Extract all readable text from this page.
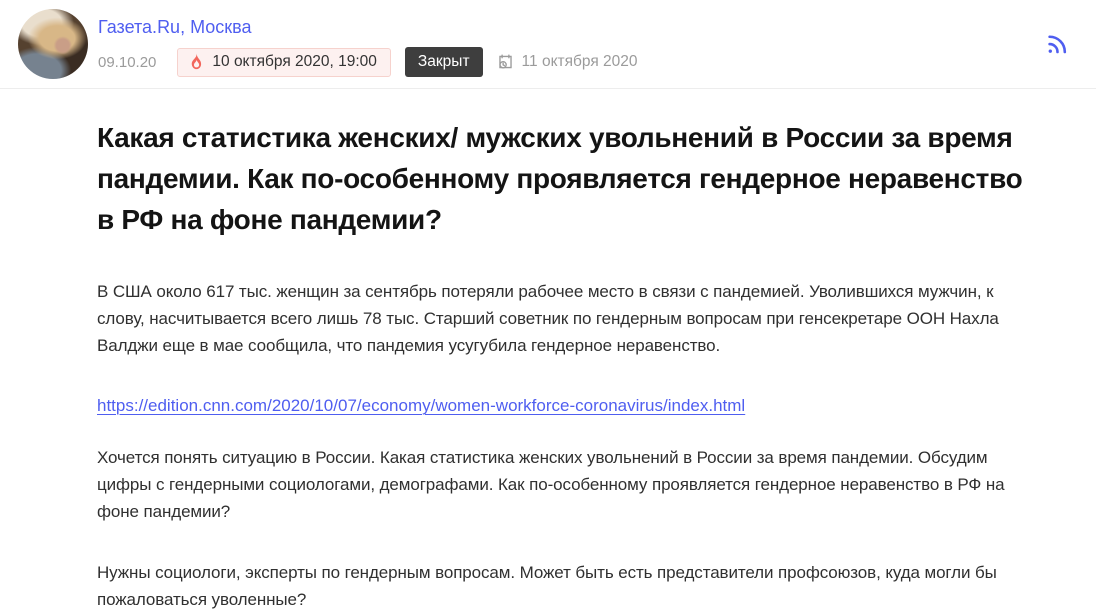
Газета.Ru, Москва
09.10.20	10 октября 2020, 19:00	Закрыт	11 октября 2020
Какая статистика женских/ мужских увольнений в России за время пандемии. Как по-особенному проявляется гендерное неравенство в РФ на фоне пандемии?

В США около 617 тыс. женщин за сентябрь потеряли рабочее место в связи с пандемией. Уволившихся мужчин, к слову, насчитывается всего лишь 78 тыс. Старший советник по гендерным вопросам при генсекретаре ООН Нахла Валджи еще в мае сообщила, что пандемия усугубила гендерное неравенство.

https://edition.cnn.com/2020/10/07/economy/women-workforce-coronavirus/index.html

Хочется понять ситуацию в России. Какая статистика женских увольнений в России за время пандемии. Обсудим цифры с гендерными социологами, демографами. Как по-особенному проявляется гендерное неравенство в РФ на фоне пандемии?

Нужны социологи, эксперты по гендерным вопросам. Может быть есть представители профсоюзов, куда могли бы пожаловаться уволенные?
